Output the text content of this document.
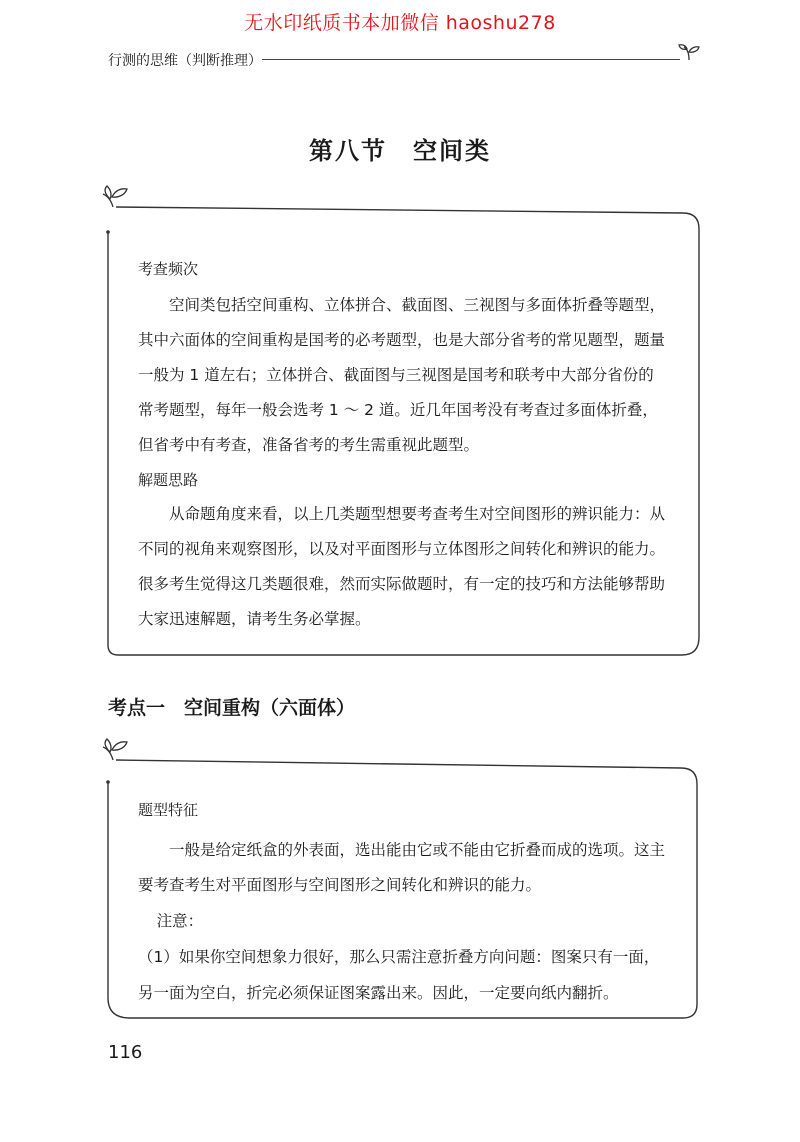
无水印纸质书本加微信 haoshu278
行测的思维（判断推理）
第八节　空间类

考查频次

空间类包括空间重构、立体拼合、截面图、三视图与多面体折叠等题型，其中六面体的空间重构是国考的必考题型，也是大部分省考的常见题型，题量一般为 1 道左右；立体拼合、截面图与三视图是国考和联考中大部分省份的常考题型，每年一般会选考 1 ～ 2 道。近几年国考没有考查过多面体折叠，但省考中有考查，准备省考的考生需重视此题型。

解题思路

从命题角度来看，以上几类题型想要考查考生对空间图形的辨识能力：从不同的视角来观察图形，以及对平面图形与立体图形之间转化和辨识的能力。很多考生觉得这几类题很难，然而实际做题时，有一定的技巧和方法能够帮助大家迅速解题，请考生务必掌握。

考点一　空间重构（六面体）

题型特征

一般是给定纸盒的外表面，选出能由它或不能由它折叠而成的选项。这主要考查考生对平面图形与空间图形之间转化和辨识的能力。

注意：

（1）如果你空间想象力很好，那么只需注意折叠方向问题：图案只有一面，另一面为空白，折完必须保证图案露出来。因此，一定要向纸内翻折。

116
